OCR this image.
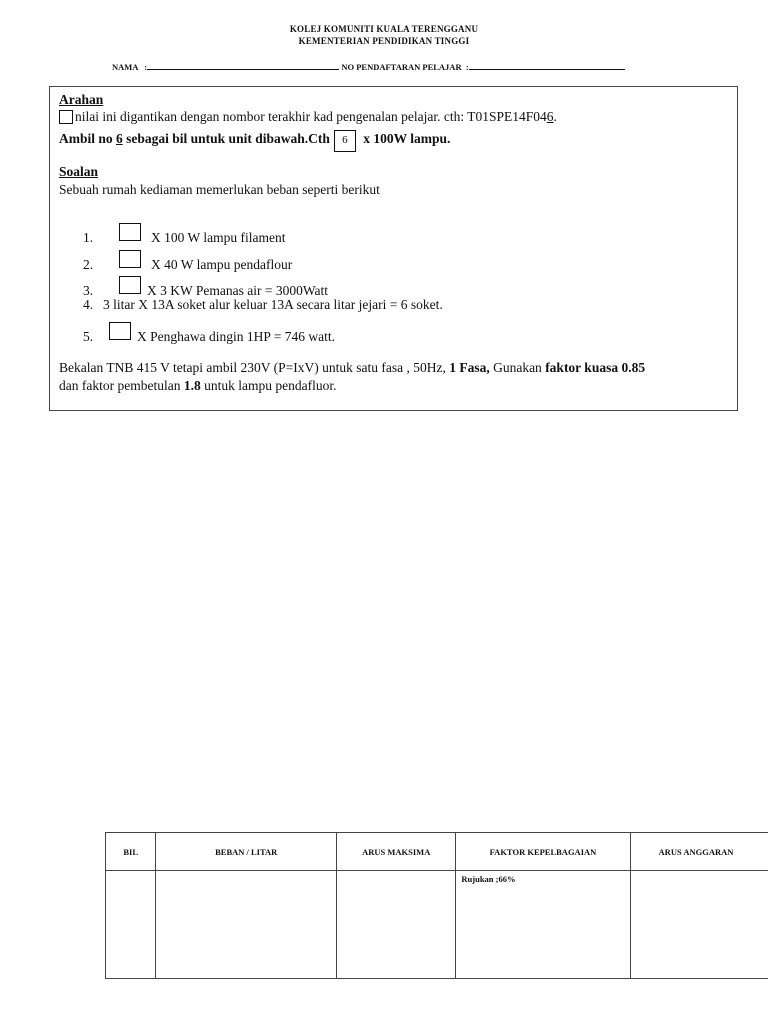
KOLEJ KOMUNITI KUALA TERENGGANU
KEMENTERIAN PENDIDIKAN TINGGI
NAMA   :	NO PENDAFTARAN PELAJAR  :
Arahan
nilai ini digantikan dengan nombor terakhir kad pengenalan pelajar. cth: T01SPE14F046.
Ambil no 6 sebagai bil untuk unit dibawah.Cth 6 x 100W lampu.
Soalan
Sebuah rumah kediaman memerlukan beban seperti berikut
1.	X 100 W lampu filament
2.	X 40 W lampu pendaflour
3.	X 3 KW Pemanas air = 3000Watt
4. 3 litar X 13A soket alur keluar 13A secara litar jejari = 6 soket.
5.	X Penghawa dingin 1HP = 746 watt.
Bekalan TNB 415 V tetapi ambil 230V (P=IxV) untuk satu fasa , 50Hz, 1 Fasa, Gunakan faktor kuasa 0.85
dan faktor pembetulan 1.8 untuk lampu pendafluor.
BIL	BEBAN / LITAR	ARUS MAKSIMA	FAKTOR KEPELBAGAIAN	ARUS ANGGARAN

			Rujukan ;66%	
